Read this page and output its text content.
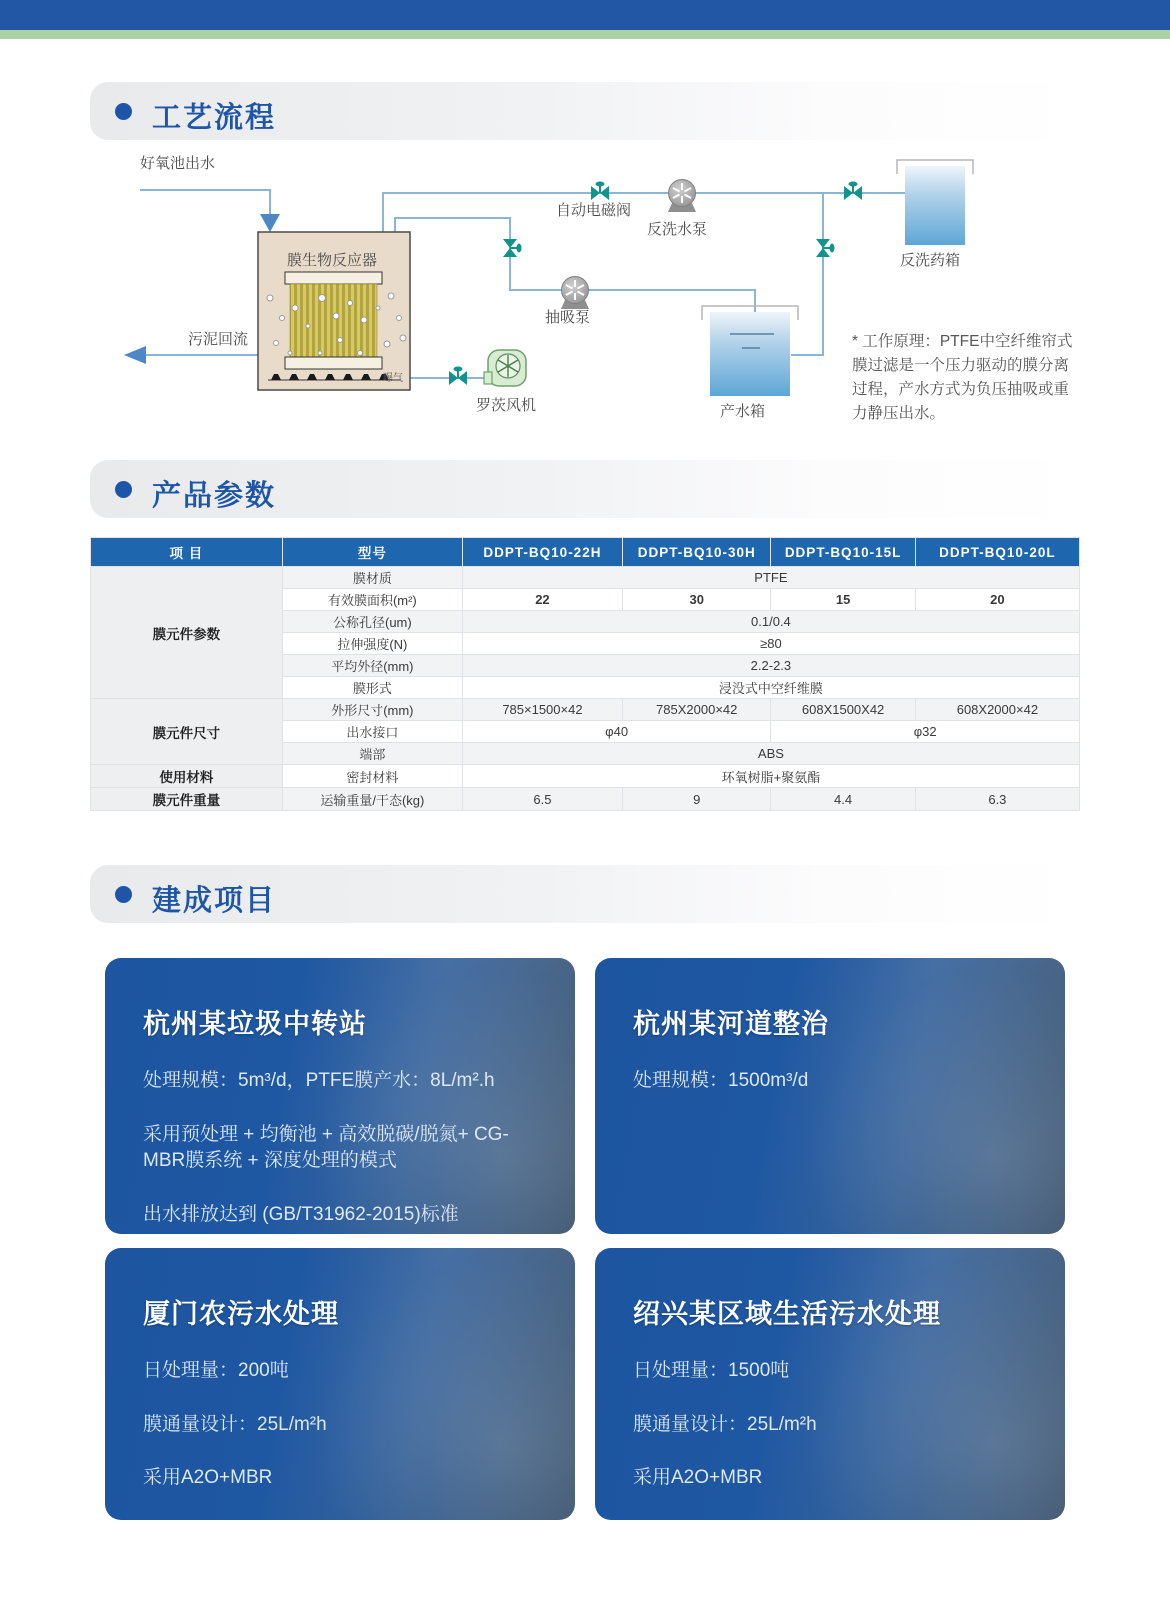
工艺流程
好氧池出水
膜生物反应器
污泥回流
自动电磁阀
反洗水泵
抽吸泵
产水箱
反洗药箱
罗茨风机
曝气
* 工作原理：PTFE中空纤维帘式膜过滤是一个压力驱动的膜分离过程，产水方式为负压抽吸或重力静压出水。
产品参数
项 目	型号	DDPT-BQ10-22H	DDPT-BQ10-30H	DDPT-BQ10-15L	DDPT-BQ10-20L
膜元件参数	膜材质	PTFE			
	有效膜面积(m²)	22	30	15	20
	公称孔径(um)	0.1/0.4			
	拉伸强度(N)	≥80			
	平均外径(mm)	2.2-2.3			
	膜形式	浸没式中空纤维膜			
膜元件尺寸	外形尺寸(mm)	785×1500×42	785X2000×42	608X1500X42	608X2000×42
	出水接口	φ40		φ32	
	端部	ABS			
使用材料	密封材料	环氧树脂+聚氨酯			
膜元件重量	运输重量/干态(kg)	6.5	9	4.4	6.3
建成项目
杭州某垃圾中转站
处理规模：5m³/d，PTFE膜产水：8L/m².h
采用预处理 + 均衡池 + 高效脱碳/脱氮+ CG-MBR膜系统 + 深度处理的模式
出水排放达到 (GB/T31962-2015)标准
杭州某河道整治
处理规模：1500m³/d
厦门农污水处理
日处理量：200吨
膜通量设计：25L/m²h
采用A2O+MBR
绍兴某区域生活污水处理
日处理量：1500吨
膜通量设计：25L/m²h
采用A2O+MBR
